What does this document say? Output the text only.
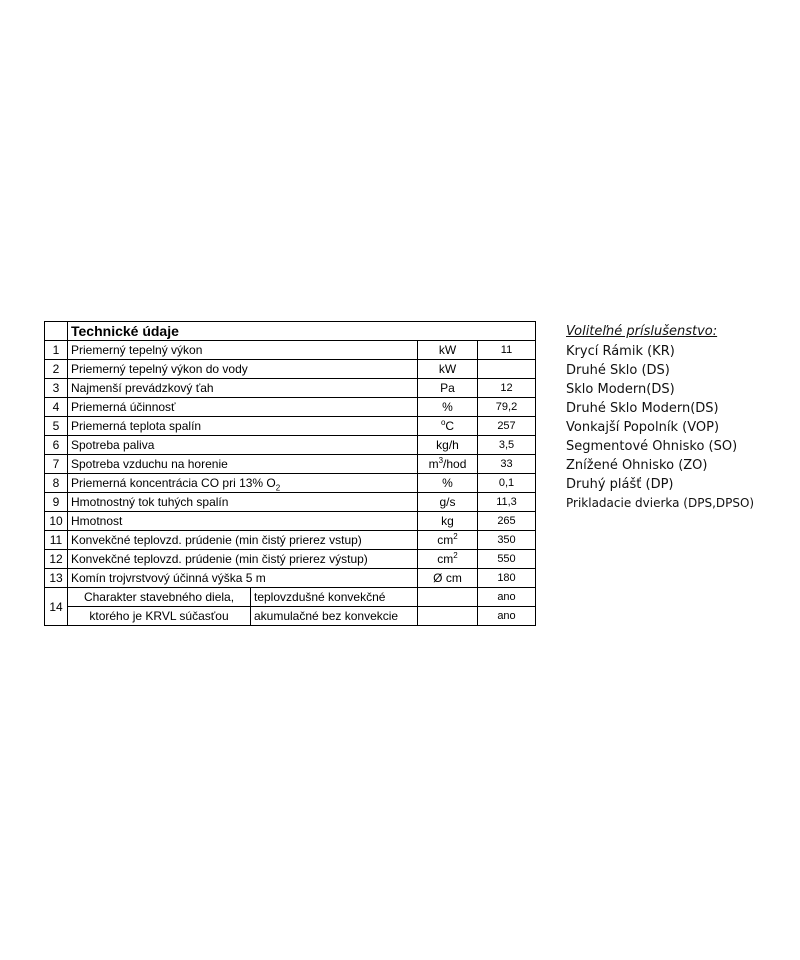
	Technické údaje			
1	Priemerný tepelný výkon		kW	11
2	Priemerný tepelný výkon do vody		kW	
3	Najmenší prevádzkový ťah		Pa	12
4	Priemerná účinnosť		%	79,2
5	Priemerná teplota spalín		$^o$C	257
6	Spotreba paliva		kg/h	3,5
7	Spotreba vzduchu na horenie		$m^3$/hod	33
8	Priemerná koncentrácia CO pri 13% $O_2$		%	0,1
9	Hmotnostný tok tuhých spalín		g/s	11,3
10	Hmotnost		kg	265
11	Konvekčné teplovzd. prúdenie (min čistý prierez vstup)		$cm^2$	350
12	Konvekčné teplovzd. prúdenie (min čistý prierez výstup)		$cm^2$	550
13	Komín trojvrstvový účinná výška 5 m		Ø cm	180
14	Charakter stavebného diela,	teplovzdušné konvekčné		ano
	ktorého je KRVL súčasťou	akumulačné bez konvekcie		ano
Voliteľné príslušenstvo:
Krycí Rámik (KR)
Druhé Sklo (DS)
Sklo Modern(DS)
Druhé Sklo Modern(DS)
Vonkajší Popolník (VOP)
Segmentové Ohnisko (SO)
Znížené Ohnisko (ZO)
Druhý plášť (DP)
Prikladacie dvierka (DPS,DPSO)
